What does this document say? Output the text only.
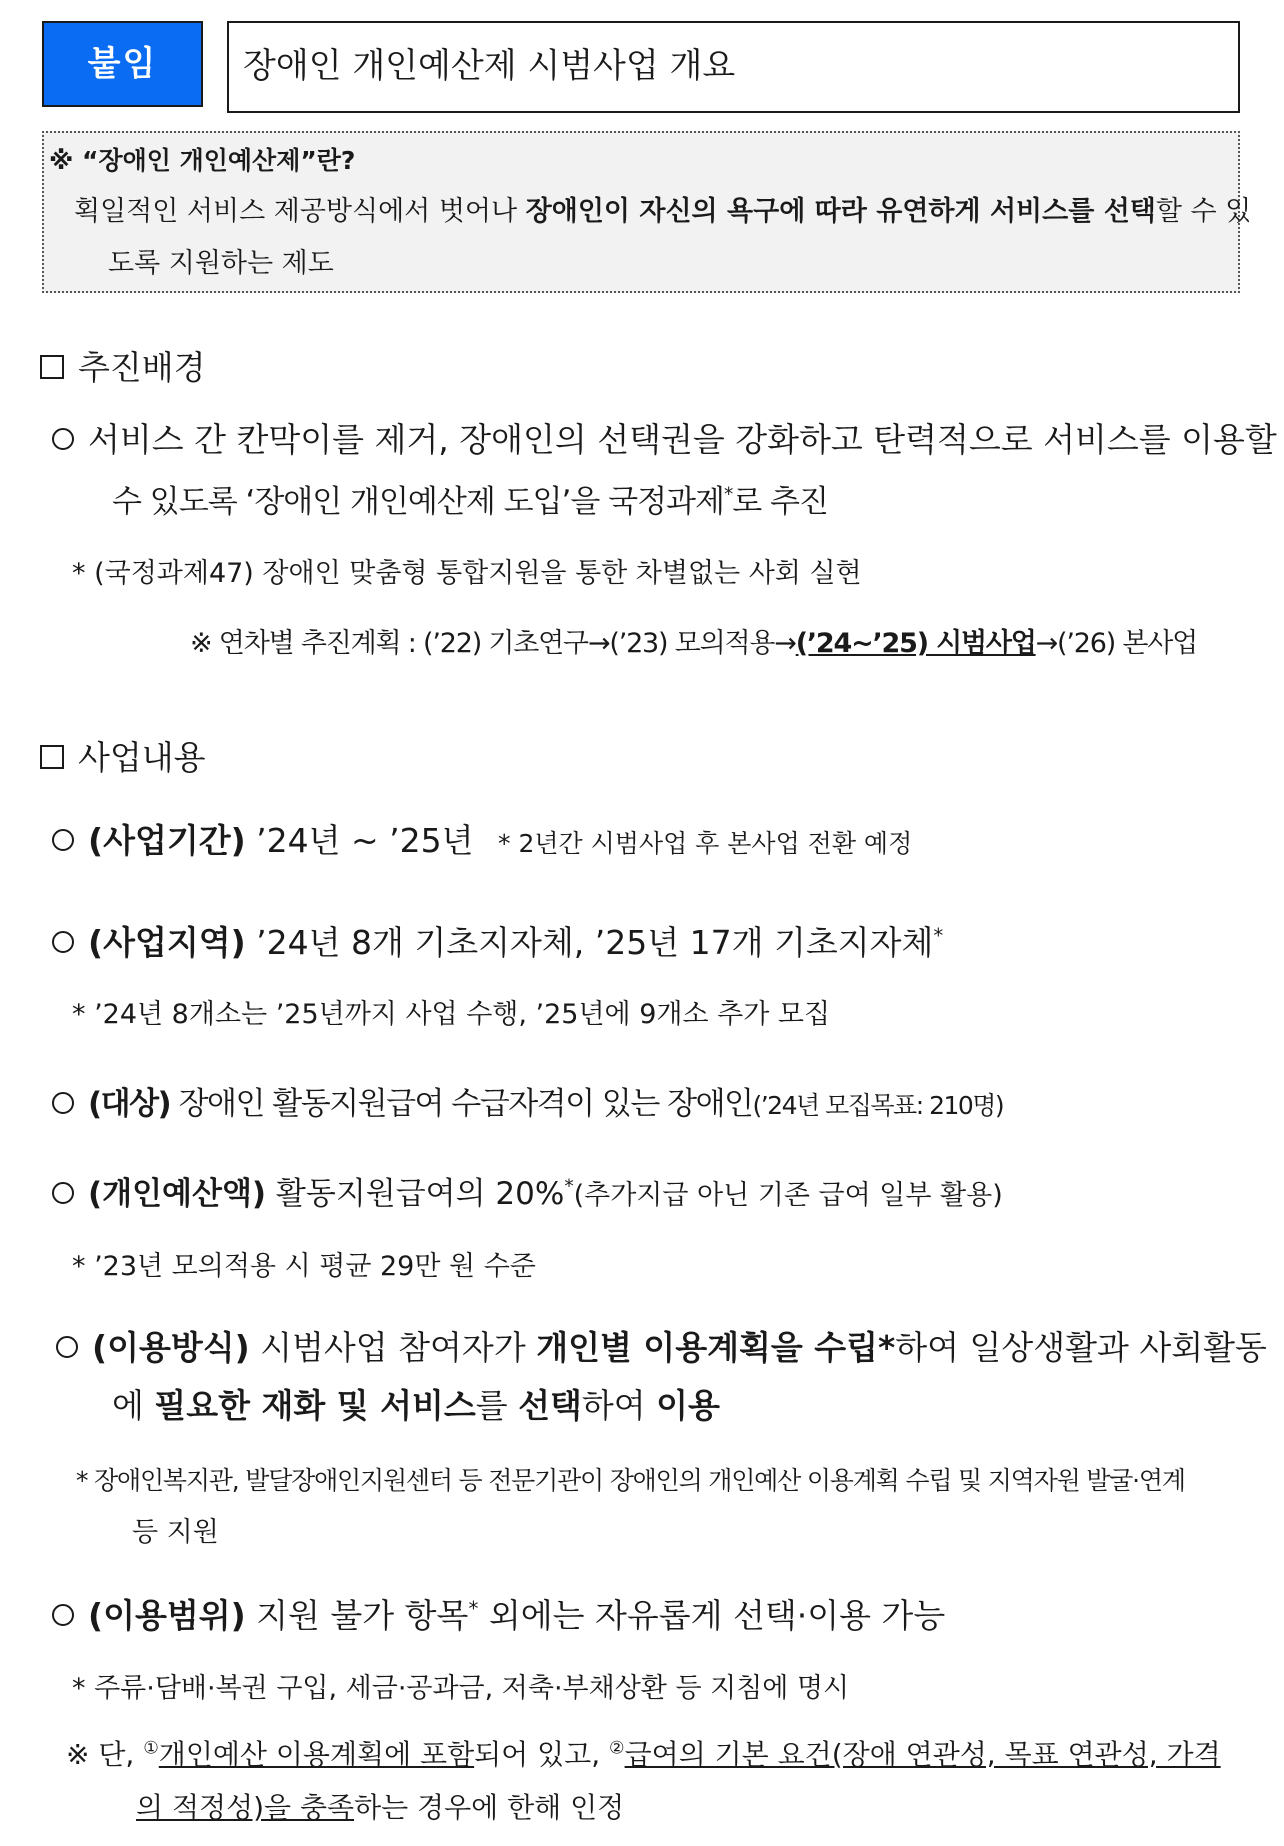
붙임	장애인 개인예산제 시범사업 개요
※ “장애인 개인예산제”란?
획일적인 서비스 제공방식에서 벗어나 장애인이 자신의 욕구에 따라 유연하게 서비스를 선택할 수 있
도록 지원하는 제도
추진배경
서비스 간 칸막이를 제거, 장애인의 선택권을 강화하고 탄력적으로 서비스를 이용할
수 있도록 ‘장애인 개인예산제 도입’을 국정과제*로 추진
* (국정과제47) 장애인 맞춤형 통합지원을 통한 차별없는 사회 실현
※ 연차별 추진계획 : (’22) 기초연구→(’23) 모의적용→(’24~’25) 시범사업→(’26) 본사업
사업내용
(사업기간) ’24년 ~ ’25년 * 2년간 시범사업 후 본사업 전환 예정
(사업지역) ’24년 8개 기초지자체, ’25년 17개 기초지자체*
* ’24년 8개소는 ’25년까지 사업 수행, ’25년에 9개소 추가 모집
(대상) 장애인 활동지원급여 수급자격이 있는 장애인(’24년 모집목표: 210명)
(개인예산액) 활동지원급여의 20%*(추가지급 아닌 기존 급여 일부 활용)
* ’23년 모의적용 시 평균 29만 원 수준
(이용방식) 시범사업 참여자가 개인별 이용계획을 수립*하여 일상생활과 사회활동
에 필요한 재화 및 서비스를 선택하여 이용
* 장애인복지관, 발달장애인지원센터 등 전문기관이 장애인의 개인예산 이용계획 수립 및 지역자원 발굴·연계
등 지원
(이용범위) 지원 불가 항목* 외에는 자유롭게 선택·이용 가능
* 주류·담배·복권 구입, 세금·공과금, 저축·부채상환 등 지침에 명시
※ 단, ①개인예산 이용계획에 포함되어 있고, ②급여의 기본 요건(장애 연관성, 목표 연관성, 가격
의 적정성)을 충족하는 경우에 한해 인정
